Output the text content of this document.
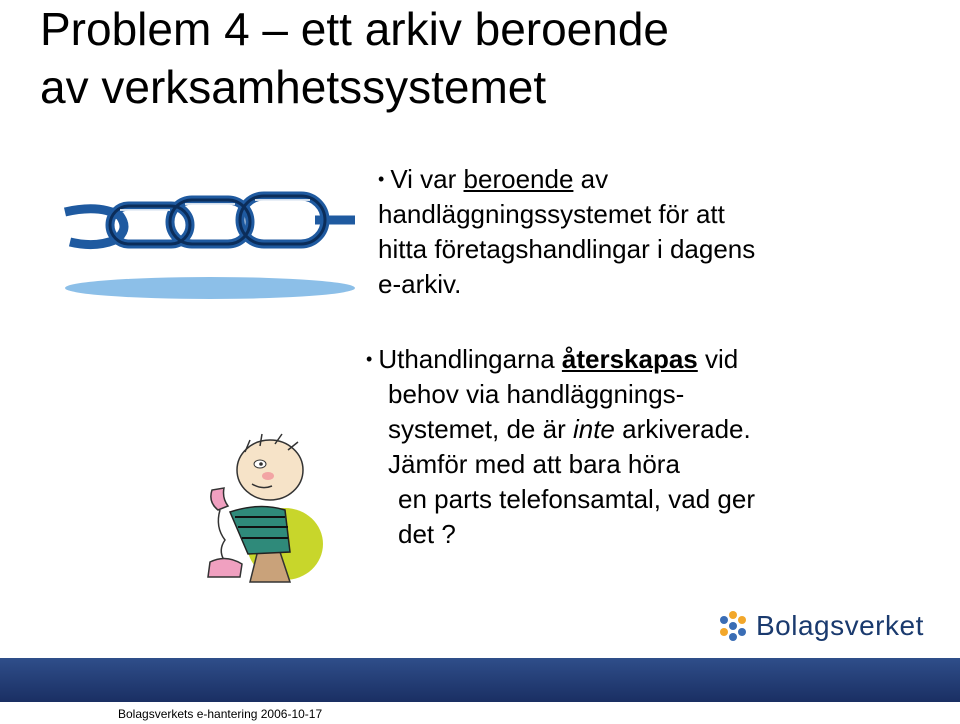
Problem 4 – ett arkiv beroende
av verksamhetssystemet
• Vi var beroende av
handläggningssystemet för att
hitta företagshandlingar i dagens
e-arkiv.
• Uthandlingarna återskapas vid
behov via handläggnings-
systemet, de är inte arkiverade.
Jämför med att bara höra
en parts telefonsamtal, vad ger
det ?
Bolagsverket
Bolagsverkets e-hantering 2006-10-17
